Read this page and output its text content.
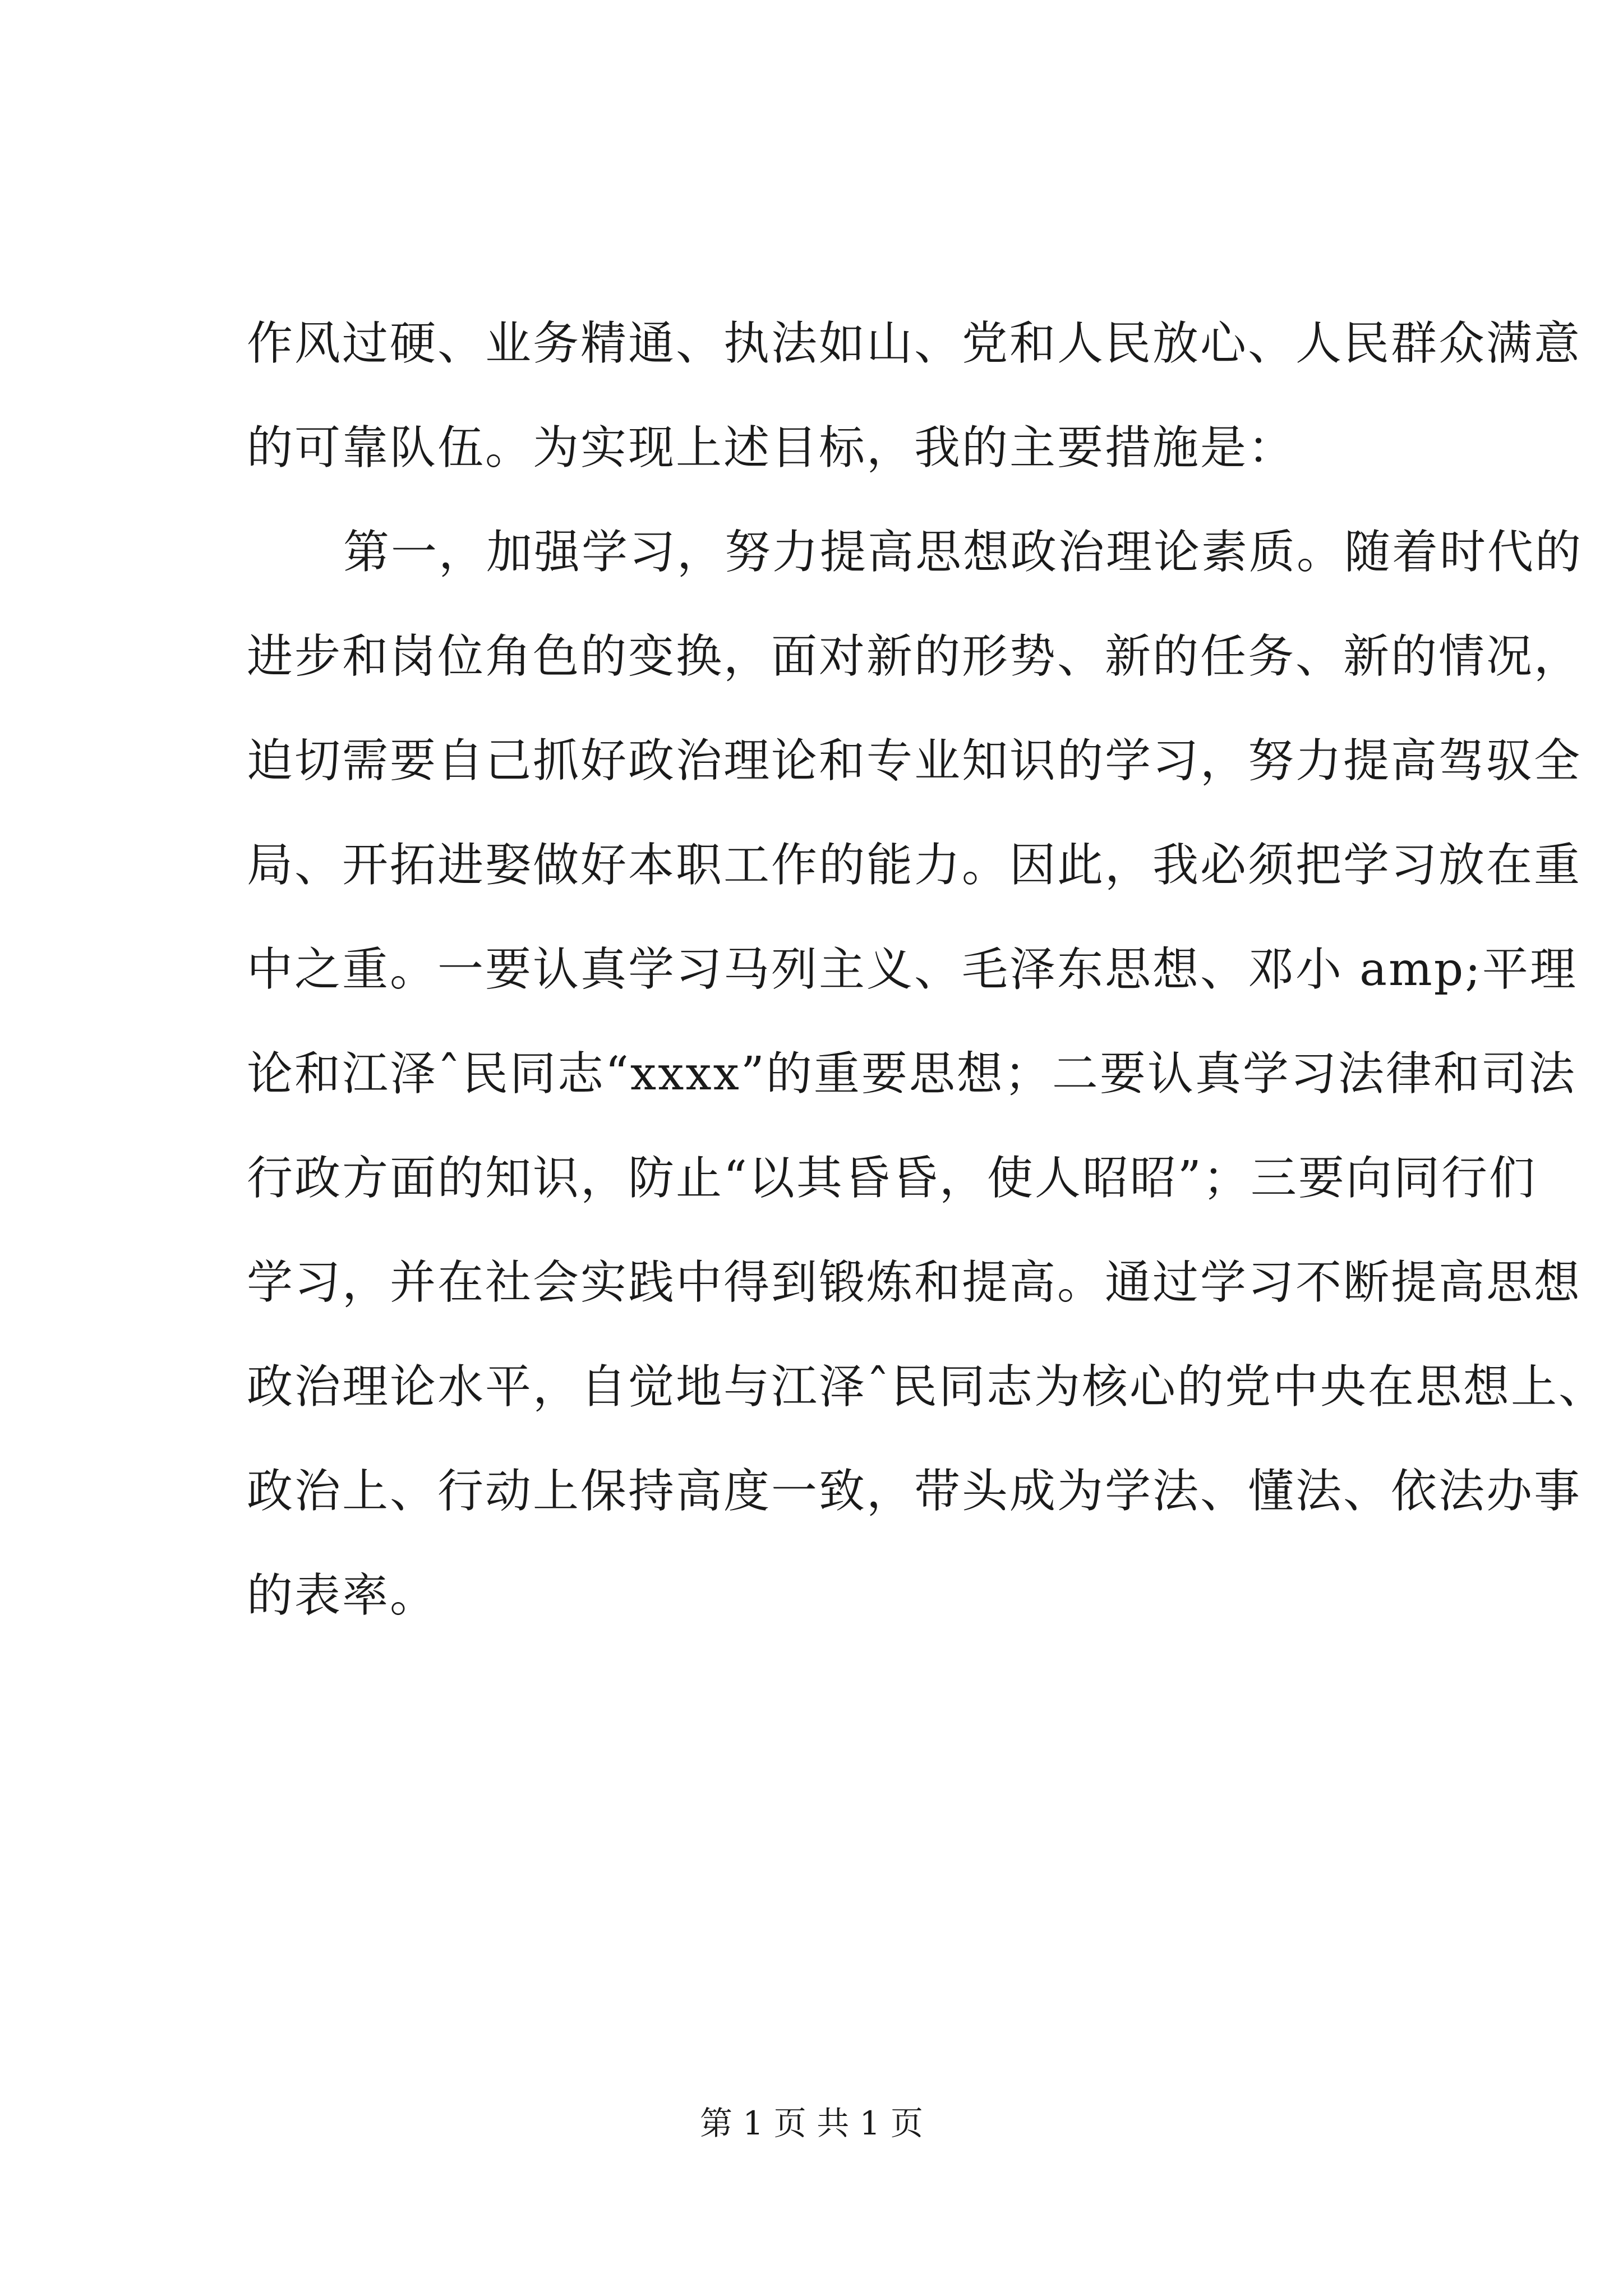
作风过硬、业务精通、执法如山、党和人民放心、人民群众满意
的可靠队伍。为实现上述目标，我的主要措施是：
第一，加强学习，努力提高思想政治理论素质。随着时代的
进步和岗位角色的变换，面对新的形势、新的任务、新的情况，
迫切需要自己抓好政治理论和专业知识的学习，努力提高驾驭全
局、开拓进娶做好本职工作的能力。因此，我必须把学习放在重
中之重。一要认真学习马列主义、毛泽东思想、邓小 amp;平理
论和江泽ˆ民同志“xxxx”的重要思想；二要认真学习法律和司法
行政方面的知识，防止“以其昏昏，使人昭昭”；三要向同行们
学习，并在社会实践中得到锻炼和提高。通过学习不断提高思想
政治理论水平，自觉地与江泽ˆ民同志为核心的党中央在思想上、
政治上、行动上保持高度一致，带头成为学法、懂法、依法办事
的表率。
第 1 页 共 1 页
